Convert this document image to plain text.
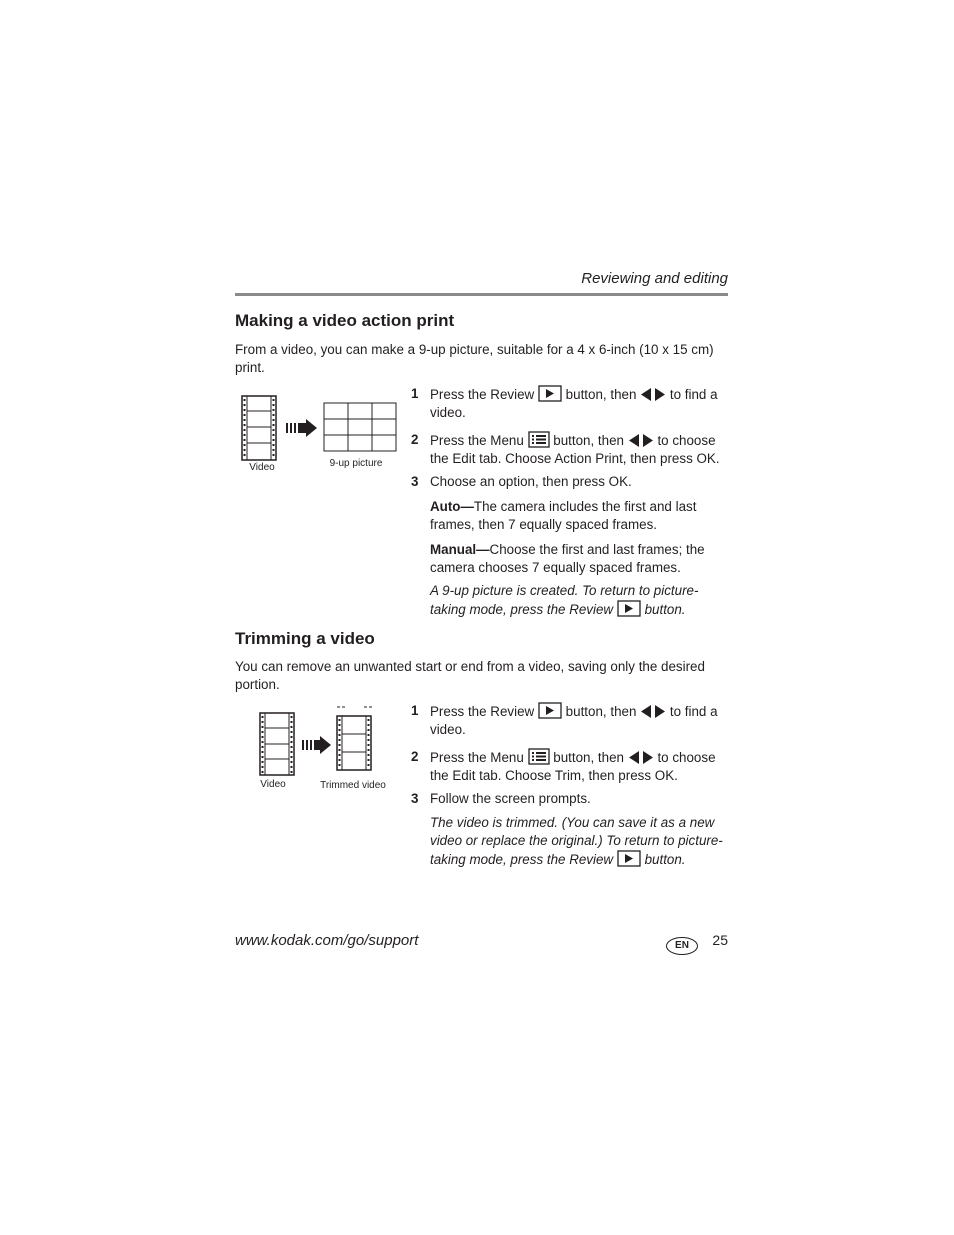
Reviewing and editing
Making a video action print
From a video, you can make a 9-up picture, suitable for a 4 x 6-inch (10 x 15 cm) print.
Video	9-up picture
1 Press the Review  button, then to find a video.
2 Press the Menu button, then to choose the Edit tab. Choose Action Print, then press OK.
3 Choose an option, then press OK.
Auto—The camera includes the first and last frames, then 7 equally spaced frames.
Manual—Choose the first and last frames; the camera chooses 7 equally spaced frames.
A 9-up picture is created. To return to picture-taking mode, press the Review button.
Trimming a video
You can remove an unwanted start or end from a video, saving only the desired portion.
Video	Trimmed video
1 Press the Review button, then to find a video.
2 Press the Menu button, then to choose the Edit tab. Choose Trim, then press OK.
3 Follow the screen prompts.
The video is trimmed. (You can save it as a new video or replace the original.) To return to picture-taking mode, press the Review button.
www.kodak.com/go/support	EN	25
